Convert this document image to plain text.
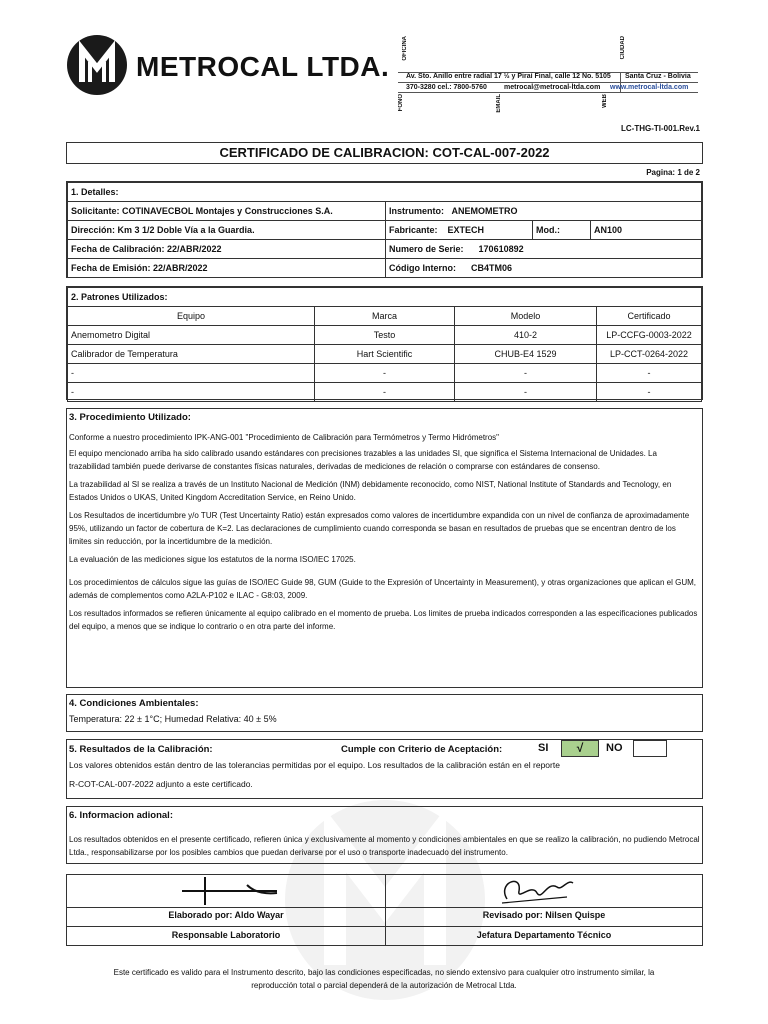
METROCAL LTDA.
OFICINA	CIUDAD
Av. Sto. Anillo entre radial 17 ½ y Piraí Final, calle 12 No. 5105 Santa Cruz - Bolivia
370-3280 cel.: 7800-5760 metrocal@metrocal-ltda.com www.metrocal-ltda.com
FONO	EMAIL	WEB
LC-THG-TI-001.Rev.1
CERTIFICADO DE CALIBRACION: COT-CAL-007-2022
Pagina: 1 de 2
1. Detalles:			
Solicitante: COTINAVECBOL Montajes y Construcciones S.A.	Instrumento: ANEMOMETRO		
Dirección: Km 3 1/2 Doble Vía a la Guardia.	Fabricante: EXTECH	Mod.:	AN100
Fecha de Calibración: 22/ABR/2022	Numero de Serie: 170610892		
Fecha de Emisión: 22/ABR/2022	Código Interno: CB4TM06		
2. Patrones Utilizados:			
Equipo	Marca	Modelo	Certificado
Anemometro Digital	Testo	410-2	LP-CCFG-0003-2022
Calibrador de Temperatura	Hart Scientific	CHUB-E4 1529	LP-CCT-0264-2022
-	-	-	-
-	-	-	-
3. Procedimiento Utilizado:
Conforme a nuestro procedimiento IPK-ANG-001 "Procedimiento de Calibración para Termómetros y Termo Hidrómetros"
El equipo mencionado arriba ha sido calibrado usando estándares con precisiones trazables a las unidades SI, que significa el Sistema Internacional de Unidades. La trazabilidad también puede derivarse de constantes físicas naturales, derivadas de mediciones de relación o comprarse con estándares de consenso.
La trazabilidad al SI se realiza a través de un Instituto Nacional de Medición (INM) debidamente reconocido, como NIST, National Institute of Standards and Tecnology, en Estados Unidos o UKAS, United Kingdom Accreditation Service, en Reino Unido.
Los Resultados de incertidumbre y/o TUR (Test Uncertainty Ratio) están expresados como valores de incertidumbre expandida con un nivel de confianza de aproximadamente 95%, utilizando un factor de cobertura de K=2. Las declaraciones de cumplimiento cuando corresponda se basan en resultados de pruebas que se encentran dentro de los limites sin reducción, por la incertidumbre de la medición.
La evaluación de las mediciones sigue los estatutos de la norma ISO/IEC 17025.
Los procedimientos de cálculos sigue las guías de ISO/IEC Guide 98, GUM (Guide to the Expresión of Uncertainty in Measurement), y otras organizaciones que aplican el GUM, además de complementos como A2LA-P102 e ILAC - G8:03, 2009.
Los resultados informados se refieren únicamente al equipo calibrado en el momento de prueba. Los limites de prueba indicados corresponden a las especificaciones publicados del equipo, a menos que se indique lo contrario o en otra parte del informe.
4. Condiciones Ambientales:
Temperatura: 22 ± 1°C; Humedad Relativa: 40 ± 5%
5. Resultados de la Calibración:	Cumple con Criterio de Aceptación:	SI	√	NO
Los valores obtenidos están dentro de las tolerancias permitidas por el equipo. Los resultados de la calibración están en el reporte
R-COT-CAL-007-2022 adjunto a este certificado.
6. Informacion adional:
Los resultados obtenidos en el presente certificado, refieren única y exclusivamente al momento y condiciones ambientales en que se realizo la calibración, no pudiendo Metrocal Ltda., responsabilizarse por los posibles cambios que puedan derivarse por el uso o transporte inadecuado del instrumento.
Elaborado por: Aldo Wayar	Revisado por: Nilsen Quispe
Responsable Laboratorio	Jefatura Departamento Técnico
Este certificado es valido para el Instrumento descrito, bajo las condiciones especificadas, no siendo extensivo para cualquier otro instrumento similar, la
reproducción total o parcial dependerá de la autorización de Metrocal Ltda.
